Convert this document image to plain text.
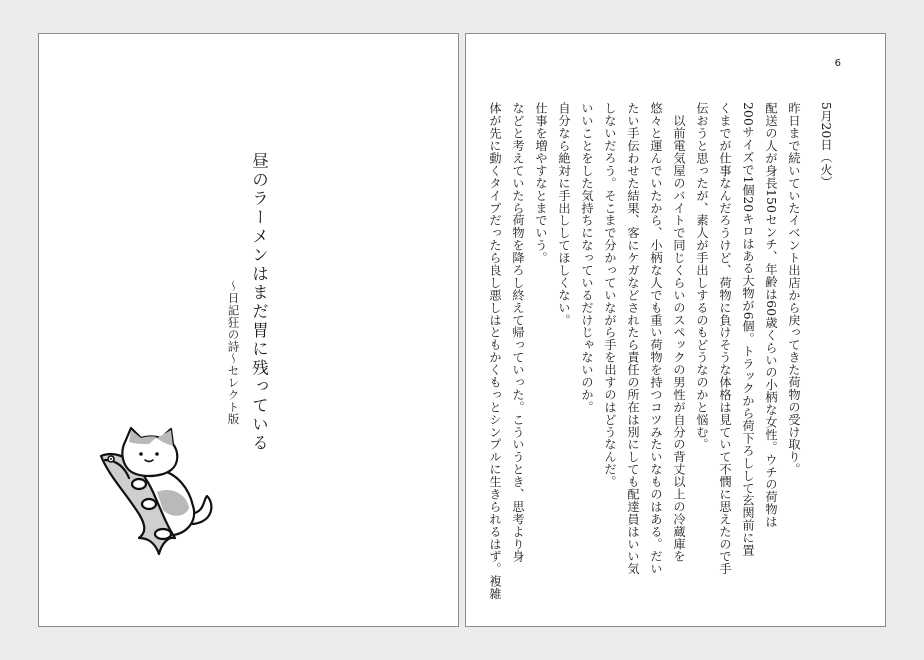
昼のラーメンはまだ胃に残っている
～日記狂の詩～セレクト版
6

5月20日（火）

昨日まで続いていたイベント出店から戻ってきた荷物の受け取り。

配送の人が身長150センチ、年齢は60歳くらいの小柄な女性。ウチの荷物は

200サイズで1個20キロはある大物が6個。トラックから荷下ろしして玄関前に置

くまでが仕事なんだろうけど、荷物に負けそうな体格は見ていて不憫に思えたので手

伝おうと思ったが、素人が手出しするのもどうなのかと悩む。

　以前電気屋のバイトで同じくらいのスペックの男性が自分の背丈以上の冷蔵庫を

悠々と運んでいたから、小柄な人でも重い荷物を持つコツみたいなものはある。だい

たい手伝わせた結果、客にケガなどされたら責任の所在は別にしても配達員はいい気

しないだろう。そこまで分かっていながら手を出すのはどうなんだ。

いいことをした気持ちになっているだけじゃないのか。

自分なら絶対に手出ししてほしくない。

仕事を増やすなとまでいう。

などと考えていたら荷物を降ろし終えて帰っていった。こういうとき、思考より身

体が先に動くタイプだったら良し悪しはともかくもっとシンプルに生きられるはず。複雑
